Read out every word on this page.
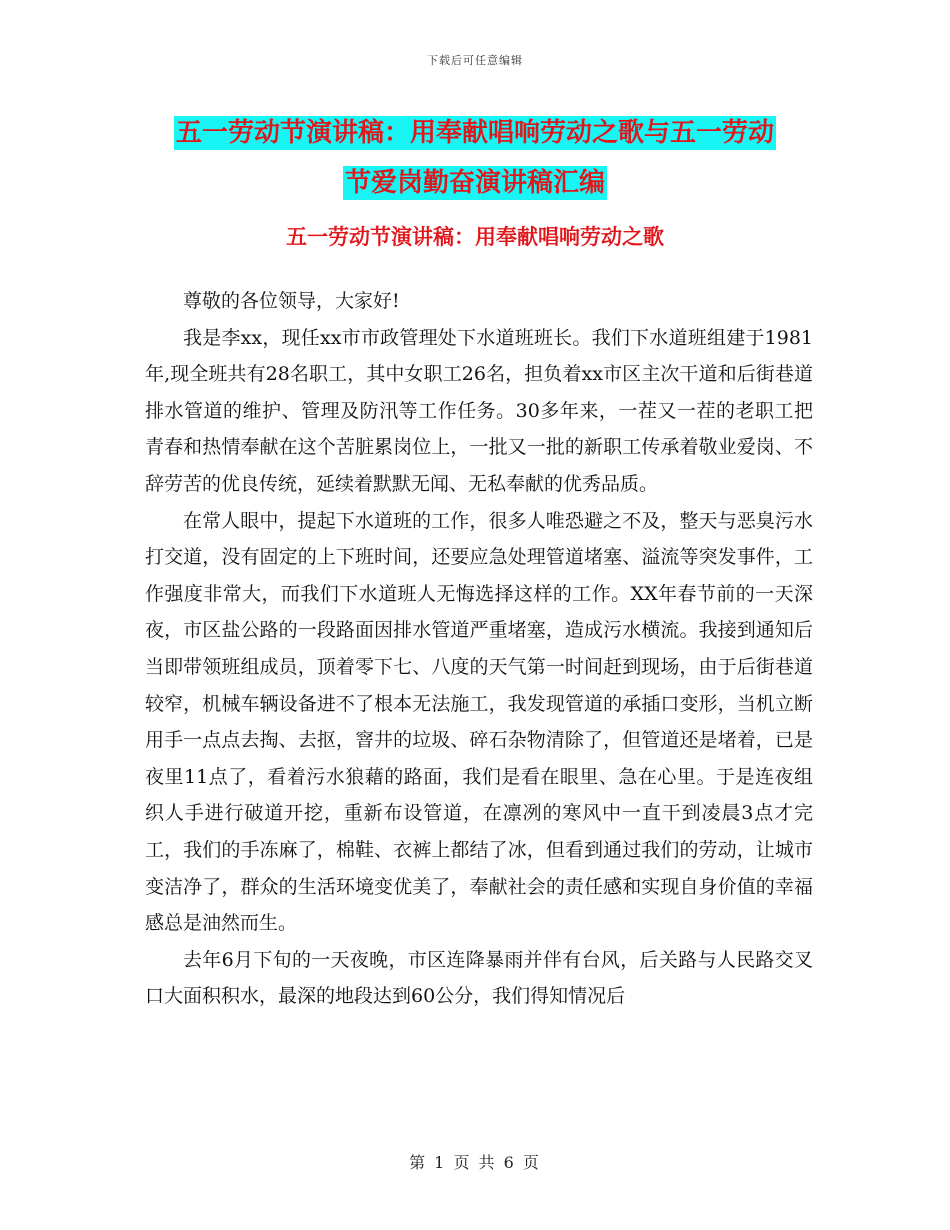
下载后可任意编辑
五一劳动节演讲稿：用奉献唱响劳动之歌与五一劳动
节爱岗勤奋演讲稿汇编
五一劳动节演讲稿：用奉献唱响劳动之歌

尊敬的各位领导，大家好!

我是李xx，现任xx市市政管理处下水道班班长。我们下水道班组建于1981年,现全班共有28名职工，其中女职工26名，担负着xx市区主次干道和后街巷道排水管道的维护、管理及防汛等工作任务。30多年来，一茬又一茬的老职工把青春和热情奉献在这个苦脏累岗位上，一批又一批的新职工传承着敬业爱岗、不辞劳苦的优良传统，延续着默默无闻、无私奉献的优秀品质。

在常人眼中，提起下水道班的工作，很多人唯恐避之不及，整天与恶臭污水打交道，没有固定的上下班时间，还要应急处理管道堵塞、溢流等突发事件，工作强度非常大，而我们下水道班人无悔选择这样的工作。XX年春节前的一天深夜，市区盐公路的一段路面因排水管道严重堵塞，造成污水横流。我接到通知后当即带领班组成员，顶着零下七、八度的天气第一时间赶到现场，由于后街巷道较窄，机械车辆设备进不了根本无法施工，我发现管道的承插口变形，当机立断用手一点点去掏、去抠，窨井的垃圾、碎石杂物清除了，但管道还是堵着，已是夜里11点了，看着污水狼藉的路面，我们是看在眼里、急在心里。于是连夜组织人手进行破道开挖，重新布设管道，在凛冽的寒风中一直干到凌晨3点才完工，我们的手冻麻了，棉鞋、衣裤上都结了冰，但看到通过我们的劳动，让城市变洁净了，群众的生活环境变优美了，奉献社会的责任感和实现自身价值的幸福感总是油然而生。

去年6月下旬的一天夜晚，市区连降暴雨并伴有台风，后关路与人民路交叉口大面积积水，最深的地段达到60公分，我们得知情况后

第 1 页 共 6 页
